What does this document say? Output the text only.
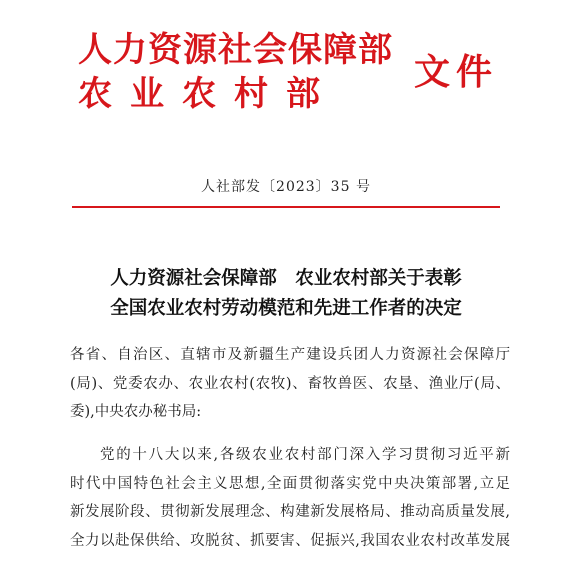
人力资源社会保障部
农业农村部
文件
人社部发〔2023〕35 号
人力资源社会保障部　农业农村部关于表彰
全国农业农村劳动模范和先进工作者的决定
各省、自治区、直辖市及新疆生产建设兵团人力资源社会保障厅
(局)、党委农办、农业农村(农牧)、畜牧兽医、农垦、渔业厅(局、
委),中央农办秘书局:
党的十八大以来,各级农业农村部门深入学习贯彻习近平新
时代中国特色社会主义思想,全面贯彻落实党中央决策部署,立足
新发展阶段、贯彻新发展理念、构建新发展格局、推动高质量发展,
全力以赴保供给、攻脱贫、抓要害、促振兴,我国农业农村改革发展
